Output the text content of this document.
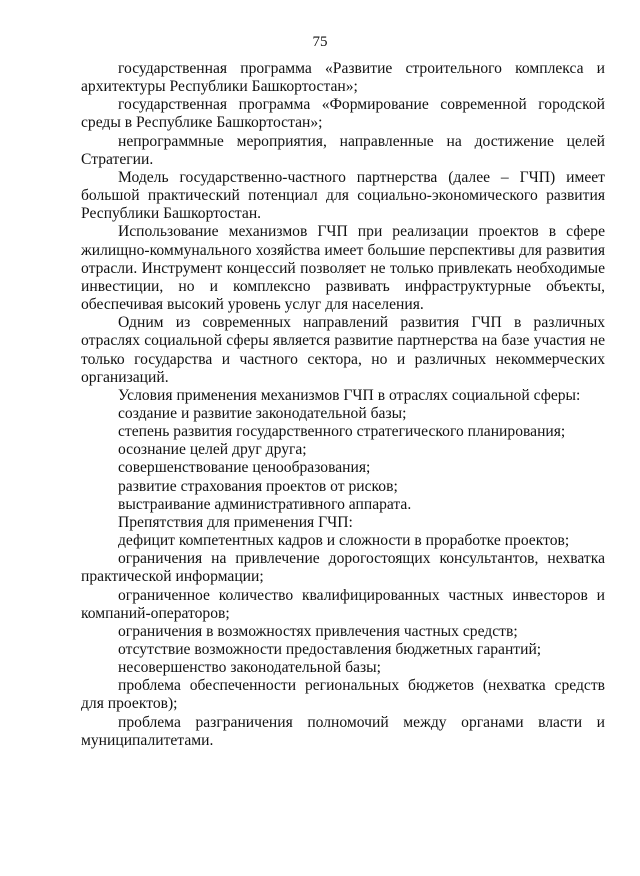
75

государственная программа «Развитие строительного комплекса и архитектуры Республики Башкортостан»;

государственная программа «Формирование современной городской среды в Республике Башкортостан»;

непрограммные мероприятия, направленные на достижение целей Стратегии.

Модель государственно-частного партнерства (далее – ГЧП) имеет большой практический потенциал для социально-экономического развития Республики Башкортостан.

Использование механизмов ГЧП при реализации проектов в сфере жилищно-коммунального хозяйства имеет большие перспективы для развития отрасли. Инструмент концессий позволяет не только привлекать необходимые инвестиции, но и комплексно развивать инфраструктурные объекты, обеспечивая высокий уровень услуг для населения.

Одним из современных направлений развития ГЧП в различных отраслях социальной сферы является развитие партнерства на базе участия не только государства и частного сектора, но и различных некоммерческих организаций.

Условия применения механизмов ГЧП в отраслях социальной сферы:

создание и развитие законодательной базы;

степень развития государственного стратегического планирования;

осознание целей друг друга;

совершенствование ценообразования;

развитие страхования проектов от рисков;

выстраивание административного аппарата.

Препятствия для применения ГЧП:

дефицит компетентных кадров и сложности в проработке проектов;

ограничения на привлечение дорогостоящих консультантов, нехватка практической информации;

ограниченное количество квалифицированных частных инвесторов и компаний-операторов;

ограничения в возможностях привлечения частных средств;

отсутствие возможности предоставления бюджетных гарантий;

несовершенство законодательной базы;

проблема обеспеченности региональных бюджетов (нехватка средств для проектов);

проблема разграничения полномочий между органами власти и муниципалитетами.
